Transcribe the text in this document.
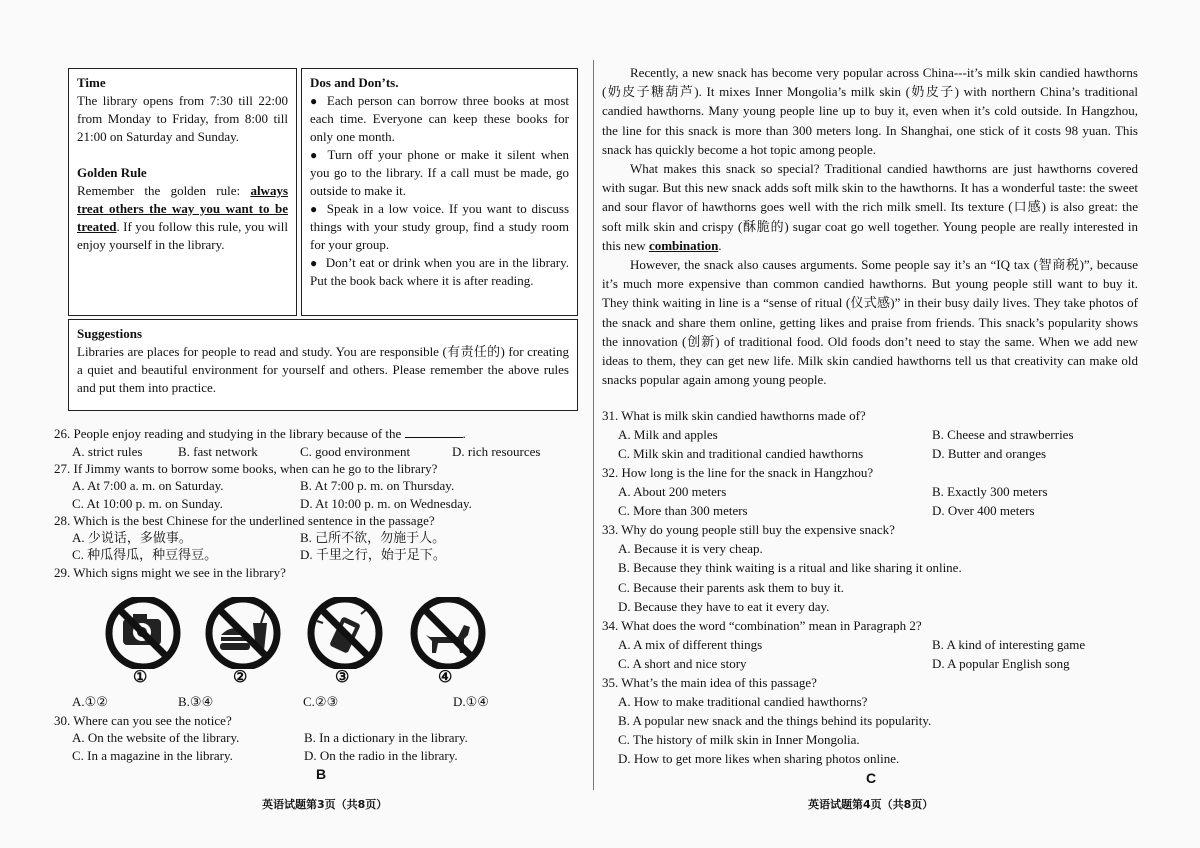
Time

The library opens from 7:30 till 22:00 from Monday to Friday, from 8:00 till 21:00 on Saturday and Sunday.

Golden Rule

Remember the golden rule: always treat others the way you want to be treated. If you follow this rule, you will enjoy yourself in the library.

Dos and Don’ts.

● Each person can borrow three books at most each time. Everyone can keep these books for only one month.

● Turn off your phone or make it silent when you go to the library. If a call must be made, go outside to make it.

● Speak in a low voice. If you want to discuss things with your study group, find a study room for your group.

● Don’t eat or drink when you are in the library. Put the book back where it is after reading.

Suggestions

Libraries are places for people to read and study. You are responsible (有责任的) for creating a quiet and beautiful environment for yourself and others. Please remember the above rules and put them into practice.

26. People enjoy reading and studying in the library because of the	.
A. strict rules	B. fast network	C. good environment	D. rich resources
27. If Jimmy wants to borrow some books, when can he go to the library?
A. At 7:00 a. m. on Saturday.	B. At 7:00 p. m. on Thursday.
C. At 10:00 p. m. on Sunday.	D. At 10:00 p. m. on Wednesday.
28. Which is the best Chinese for the underlined sentence in the passage?
A. 少说话，多做事。	B. 己所不欲，勿施于人。
C. 种瓜得瓜，种豆得豆。	D. 千里之行，始于足下。
29. Which signs might we see in the library?
①	②	③	④
A.①②	B.③④	C.②③	D.①④
30. Where can you see the notice?
A. On the website of the library.	B. In a dictionary in the library.
C. In a magazine in the library.	D. On the radio in the library.
B
英语试题第3页（共8页）

Recently, a new snack has become very popular across China---it’s milk skin candied hawthorns (奶皮子糖葫芦). It mixes Inner Mongolia’s milk skin (奶皮子) with northern China’s traditional candied hawthorns. Many young people line up to buy it, even when it’s cold outside. In Hangzhou, the line for this snack is more than 300 meters long. In Shanghai, one stick of it costs 98 yuan. This snack has quickly become a hot topic among people.

What makes this snack so special? Traditional candied hawthorns are just hawthorns covered with sugar. But this new snack adds soft milk skin to the hawthorns. It has a wonderful taste: the sweet and sour flavor of hawthorns goes well with the rich milk smell. Its texture (口感) is also great: the soft milk skin and crispy (酥脆的) sugar coat go well together. Young people are really interested in this new combination.

However, the snack also causes arguments. Some people say it’s an “IQ tax (智商税)”, because it’s much more expensive than common candied hawthorns. But young people still want to buy it. They think waiting in line is a “sense of ritual (仪式感)” in their busy daily lives. They take photos of the snack and share them online, getting likes and praise from friends. This snack’s popularity shows the innovation (创新) of traditional food. Old foods don’t need to stay the same. When we add new ideas to them, they can get new life. Milk skin candied hawthorns tell us that creativity can make old snacks popular again among young people.

31. What is milk skin candied hawthorns made of?
A. Milk and apples	B. Cheese and strawberries
C. Milk skin and traditional candied hawthorns	D. Butter and oranges
32. How long is the line for the snack in Hangzhou?
A. About 200 meters	B. Exactly 300 meters
C. More than 300 meters	D. Over 400 meters
33. Why do young people still buy the expensive snack?
A. Because it is very cheap.
B. Because they think waiting is a ritual and like sharing it online.
C. Because their parents ask them to buy it.
D. Because they have to eat it every day.
34. What does the word “combination” mean in Paragraph 2?
A. A mix of different things	B. A kind of interesting game
C. A short and nice story	D. A popular English song
35. What’s the main idea of this passage?
A. How to make traditional candied hawthorns?
B. A popular new snack and the things behind its popularity.
C. The history of milk skin in Inner Mongolia.
D. How to get more likes when sharing photos online.
C
英语试题第4页（共8页）
